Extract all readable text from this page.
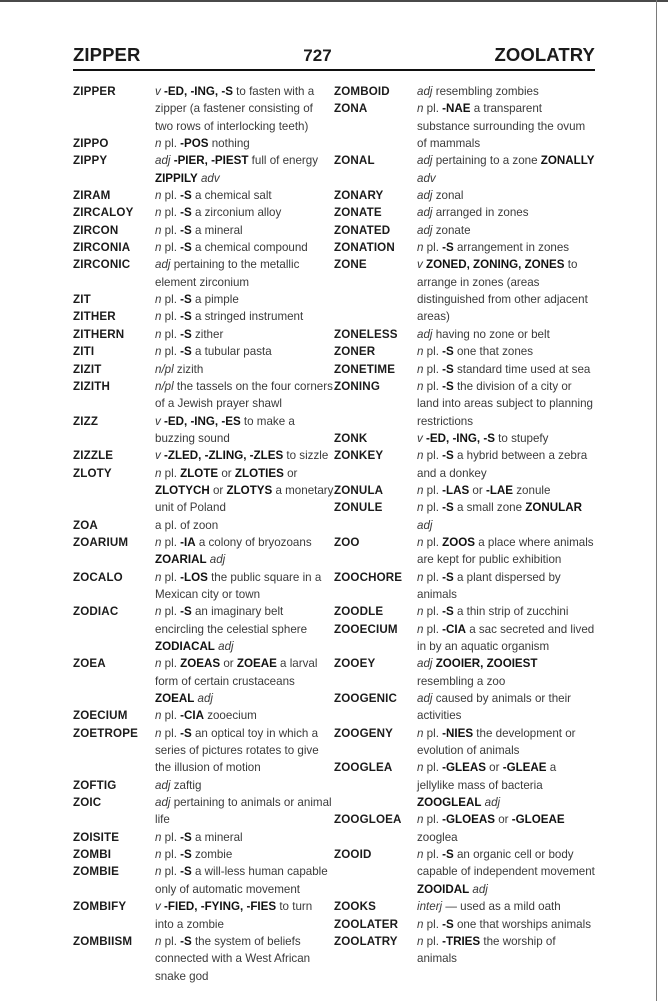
ZIPPER	727	ZOOLATRY
ZIPPER	v -ED, -ING, -S to fasten with a zipper (a fastener consisting of two rows of interlocking teeth)
ZIPPO	n pl. -POS nothing
ZIPPY	adj -PIER, -PIEST full of energy ZIPPILY adv
ZIRAM	n pl. -S a chemical salt
ZIRCALOY	n pl. -S a zirconium alloy
ZIRCON	n pl. -S a mineral
ZIRCONIA	n pl. -S a chemical compound
ZIRCONIC	adj pertaining to the metallic element zirconium
ZIT	n pl. -S a pimple
ZITHER	n pl. -S a stringed instrument
ZITHERN	n pl. -S zither
ZITI	n pl. -S a tubular pasta
ZIZIT	n/pl zizith
ZIZITH	n/pl the tassels on the four corners of a Jewish prayer shawl
ZIZZ	v -ED, -ING, -ES to make a buzzing sound
ZIZZLE	v -ZLED, -ZLING, -ZLES to sizzle
ZLOTY	n pl. ZLOTE or ZLOTIES or ZLOTYCH or ZLOTYS a monetary unit of Poland
ZOA	a pl. of zoon
ZOARIUM	n pl. -IA a colony of bryozoans ZOARIAL adj
ZOCALO	n pl. -LOS the public square in a Mexican city or town
ZODIAC	n pl. -S an imaginary belt encircling the celestial sphere ZODIACAL adj
ZOEA	n pl. ZOEAS or ZOEAE a larval form of certain crustaceans ZOEAL adj
ZOECIUM	n pl. -CIA zooecium
ZOETROPE	n pl. -S an optical toy in which a series of pictures rotates to give the illusion of motion
ZOFTIG	adj zaftig
ZOIC	adj pertaining to animals or animal life
ZOISITE	n pl. -S a mineral
ZOMBI	n pl. -S zombie
ZOMBIE	n pl. -S a will-less human capable only of automatic movement
ZOMBIFY	v -FIED, -FYING, -FIES to turn into a zombie
ZOMBIISM	n pl. -S the system of beliefs connected with a West African snake god
ZOMBOID	adj resembling zombies
ZONA	n pl. -NAE a transparent substance surrounding the ovum of mammals
ZONAL	adj pertaining to a zone ZONALLY adv
ZONARY	adj zonal
ZONATE	adj arranged in zones
ZONATED	adj zonate
ZONATION	n pl. -S arrangement in zones
ZONE	v ZONED, ZONING, ZONES to arrange in zones (areas distinguished from other adjacent areas)
ZONELESS	adj having no zone or belt
ZONER	n pl. -S one that zones
ZONETIME	n pl. -S standard time used at sea
ZONING	n pl. -S the division of a city or land into areas subject to planning restrictions
ZONK	v -ED, -ING, -S to stupefy
ZONKEY	n pl. -S a hybrid between a zebra and a donkey
ZONULA	n pl. -LAS or -LAE zonule
ZONULE	n pl. -S a small zone ZONULAR adj
ZOO	n pl. ZOOS a place where animals are kept for public exhibition
ZOOCHORE	n pl. -S a plant dispersed by animals
ZOODLE	n pl. -S a thin strip of zucchini
ZOOECIUM	n pl. -CIA a sac secreted and lived in by an aquatic organism
ZOOEY	adj ZOOIER, ZOOIEST resembling a zoo
ZOOGENIC	adj caused by animals or their activities
ZOOGENY	n pl. -NIES the development or evolution of animals
ZOOGLEA	n pl. -GLEAS or -GLEAE a jellylike mass of bacteria ZOOGLEAL adj
ZOOGLOEA	n pl. -GLOEAS or -GLOEAE zooglea
ZOOID	n pl. -S an organic cell or body capable of independent movement ZOOIDAL adj
ZOOKS	interj — used as a mild oath
ZOOLATER	n pl. -S one that worships animals
ZOOLATRY	n pl. -TRIES the worship of animals
